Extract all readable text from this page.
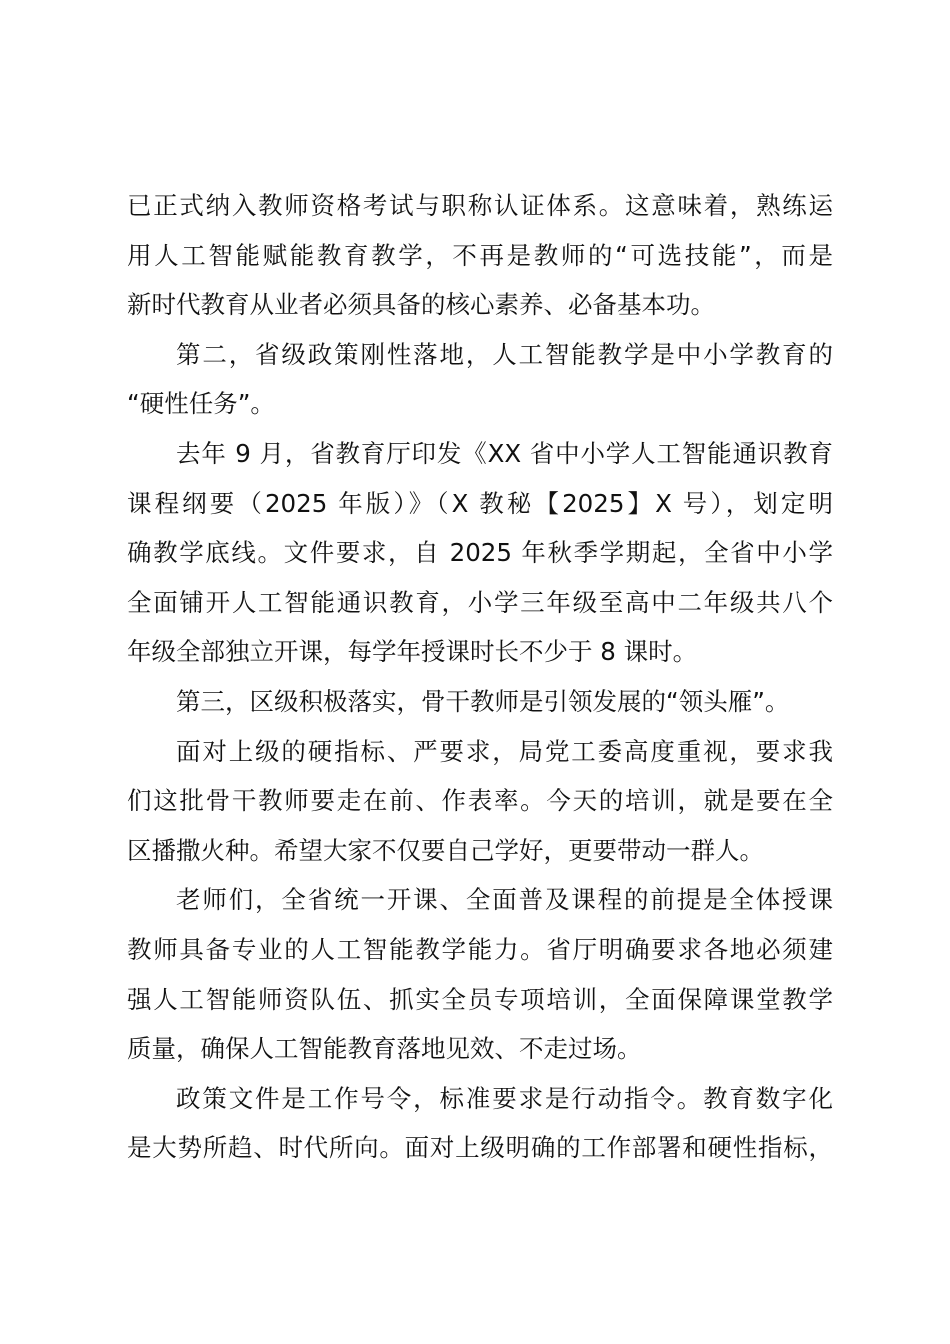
已正式纳入教师资格考试与职称认证体系。这意味着，熟练运
用人工智能赋能教育教学，不再是教师的“可选技能”，而是
新时代教育从业者必须具备的核心素养、必备基本功。
第二，省级政策刚性落地，人工智能教学是中小学教育的
“硬性任务”。
去年 9 月，省教育厅印发《XX 省中小学人工智能通识教育
课程纲要（2025 年版）》（X 教秘【2025】X 号），划定明
确教学底线。文件要求，自 2025 年秋季学期起，全省中小学
全面铺开人工智能通识教育，小学三年级至高中二年级共八个
年级全部独立开课，每学年授课时长不少于 8 课时。
第三，区级积极落实，骨干教师是引领发展的“领头雁”。
面对上级的硬指标、严要求，局党工委高度重视，要求我
们这批骨干教师要走在前、作表率。今天的培训，就是要在全
区播撒火种。希望大家不仅要自己学好，更要带动一群人。
老师们，全省统一开课、全面普及课程的前提是全体授课
教师具备专业的人工智能教学能力。省厅明确要求各地必须建
强人工智能师资队伍、抓实全员专项培训，全面保障课堂教学
质量，确保人工智能教育落地见效、不走过场。
政策文件是工作号令，标准要求是行动指令。教育数字化
是大势所趋、时代所向。面对上级明确的工作部署和硬性指标，
